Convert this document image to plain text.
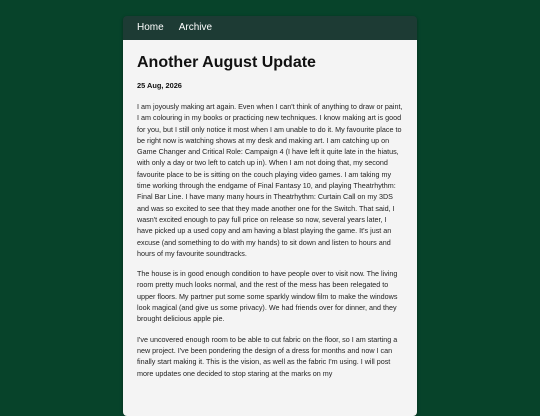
Home Archive
Another August Update
25 Aug, 2026

I am joyously making art again. Even when I can't think of anything to draw or paint, I am colouring in my books or practicing new techniques. I know making art is good for you, but I still only notice it most when I am unable to do it. My favourite place to be right now is watching shows at my desk and making art. I am catching up on Game Changer and Critical Role: Campaign 4 (I have left it quite late in the hiatus, with only a day or two left to catch up in). When I am not doing that, my second favourite place to be is sitting on the couch playing video games. I am taking my time working through the endgame of Final Fantasy 10, and playing Theatrhythm: Final Bar Line. I have many many hours in Theatrhythm: Curtain Call on my 3DS and was so excited to see that they made another one for the Switch. That said, I wasn't excited enough to pay full price on release so now, several years later, I have picked up a used copy and am having a blast playing the game. It's just an excuse (and something to do with my hands) to sit down and listen to hours and hours of my favourite soundtracks.

The house is in good enough condition to have people over to visit now. The living room pretty much looks normal, and the rest of the mess has been relegated to upper floors. My partner put some some sparkly window film to make the windows look magical (and give us some privacy). We had friends over for dinner, and they brought delicious apple pie.

I've uncovered enough room to be able to cut fabric on the floor, so I am starting a new project. I've been pondering the design of a dress for months and now I can finally start making it. This is the vision, as well as the fabric I'm using. I will post more updates one decided to stop staring at the marks on my
